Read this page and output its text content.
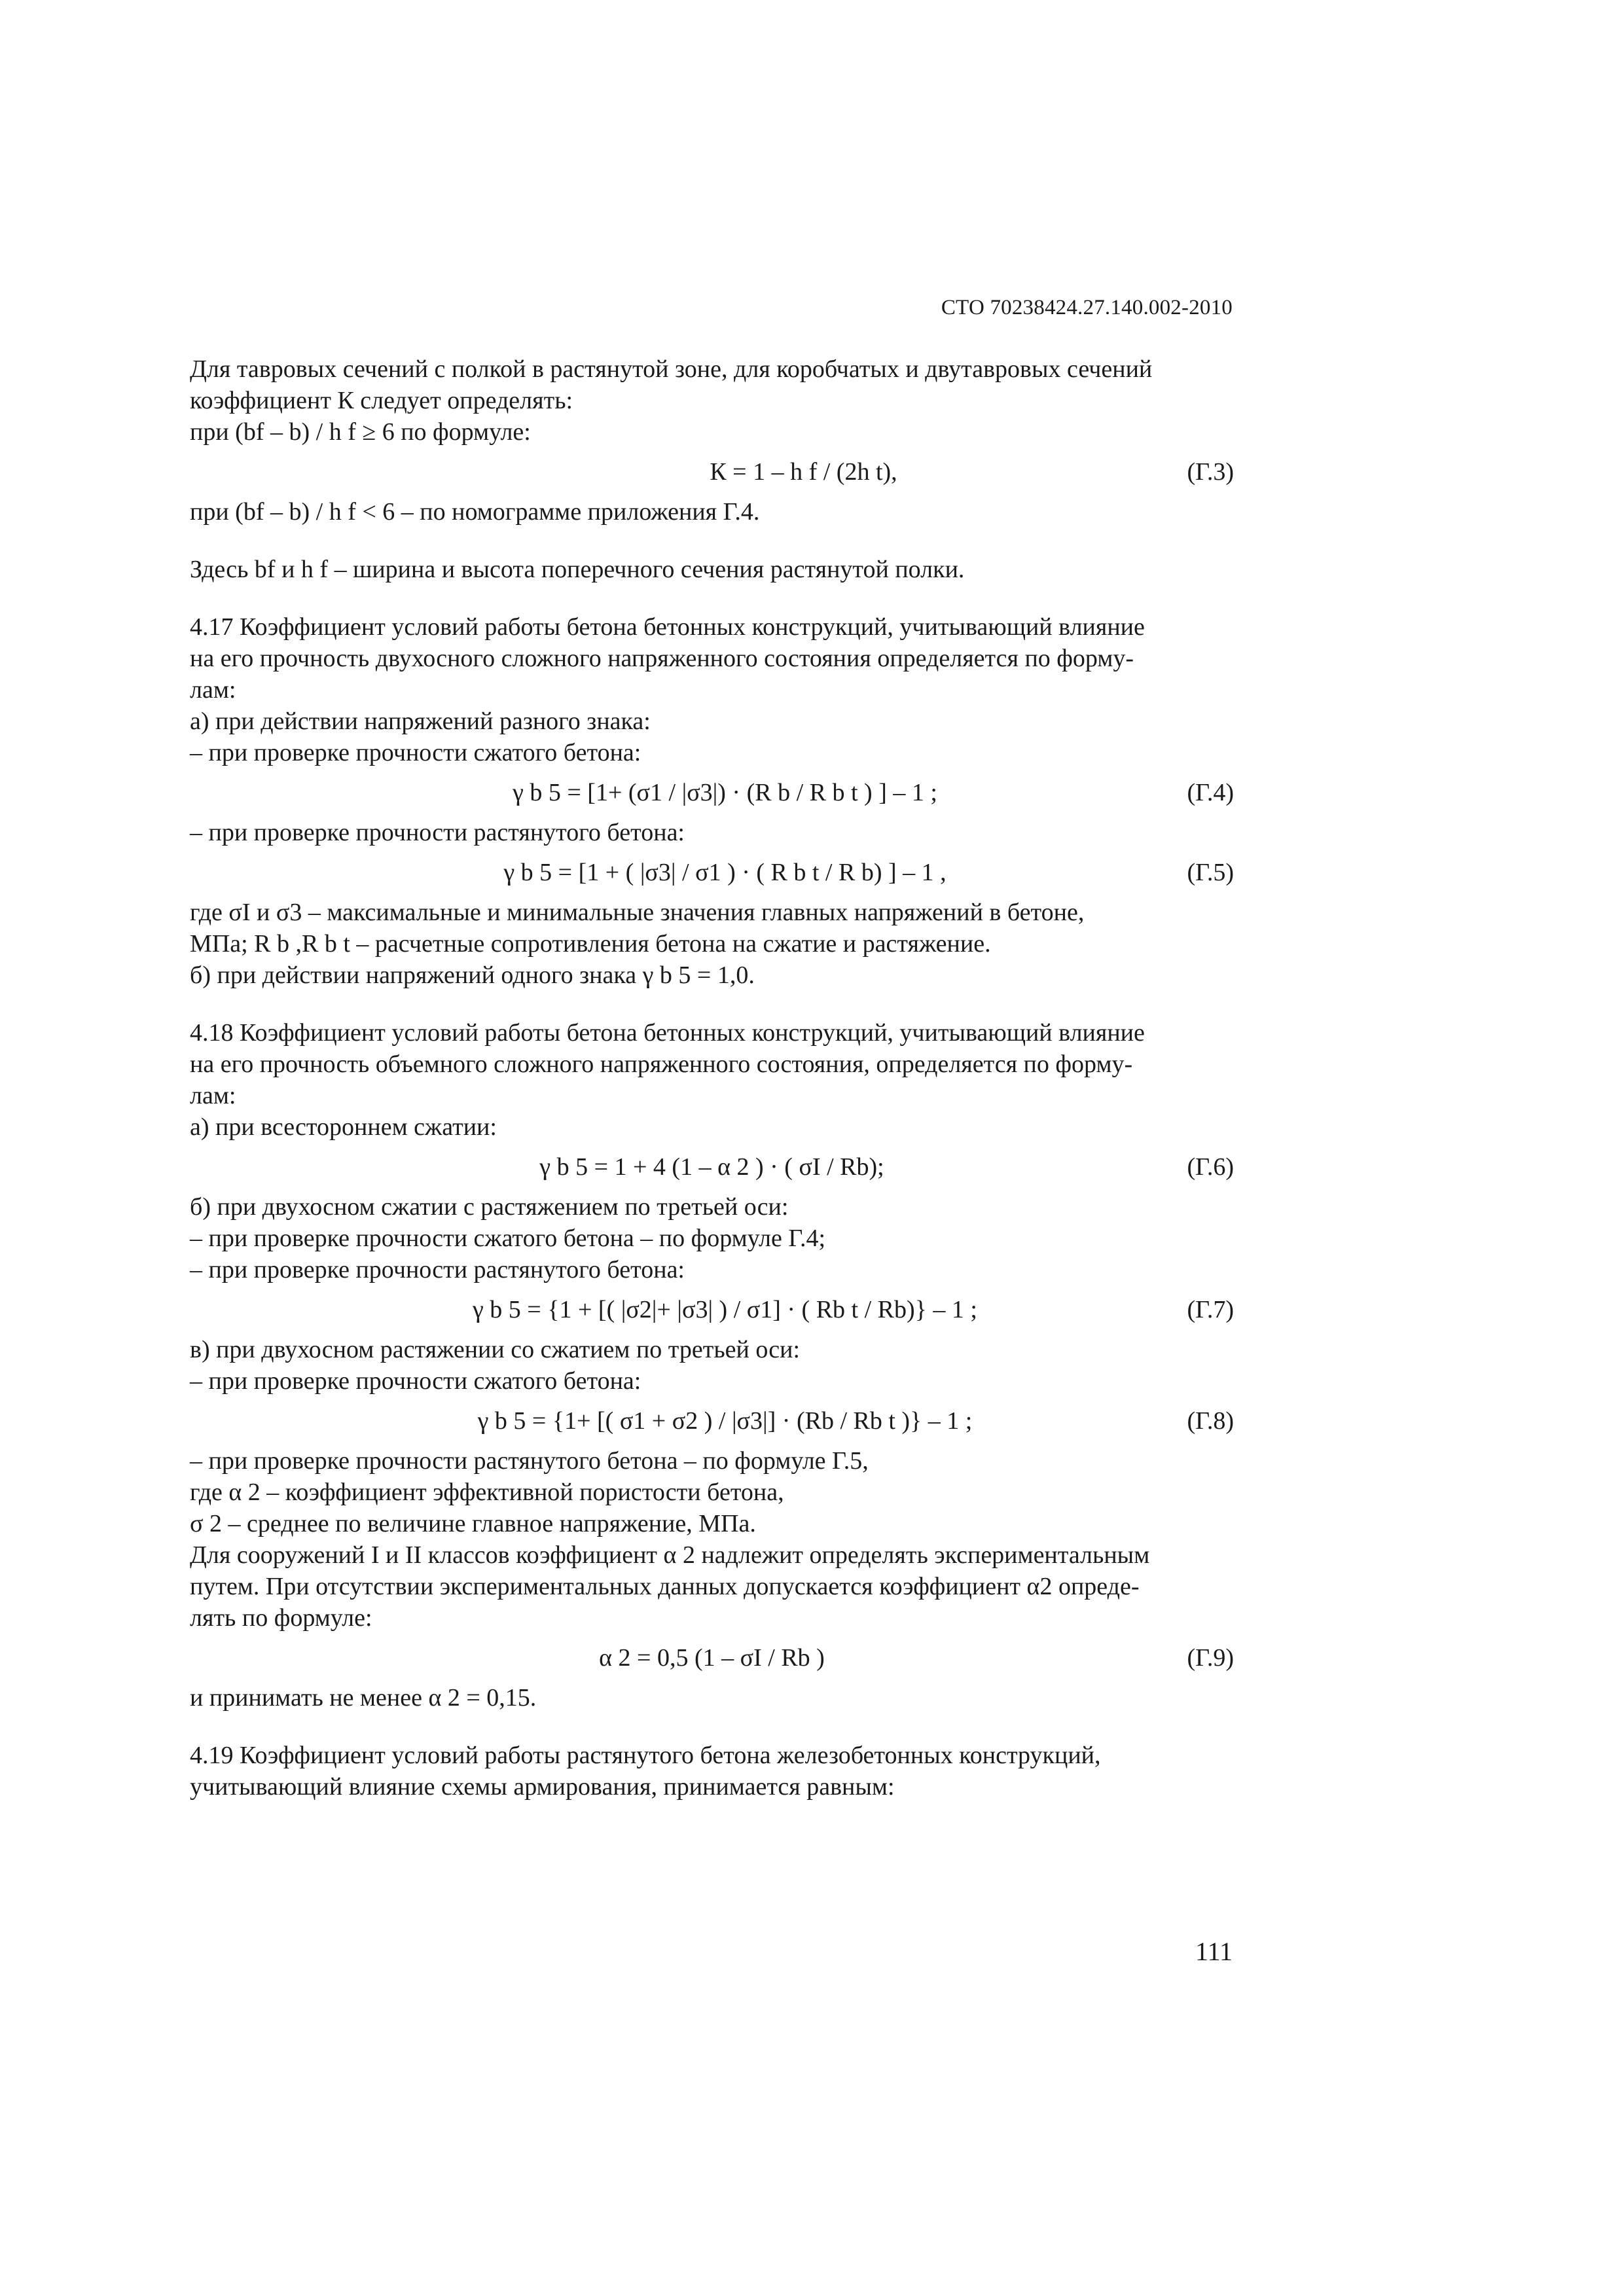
СТО 70238424.27.140.002-2010
Для тавровых сечений с полкой в растянутой зоне, для коробчатых и двутавровых сечений
коэффициент К следует определять:
при (bf – b) / h f ≥ 6 по формуле:
К = 1 – h f / (2h t),	(Г.3)
при (bf – b) / h f < 6 – по номограмме приложения Г.4.
Здесь bf и h f – ширина и высота поперечного сечения растянутой полки.
4.17 Коэффициент условий работы бетона бетонных конструкций, учитывающий влияние
на его прочность двухосного сложного напряженного состояния определяется по форму-
лам:
а) при действии напряжений разного знака:
– при проверке прочности сжатого бетона:
γ b 5 = [1+ (σ1 / |σ3|) · (R b / R b t ) ] – 1 ;	(Г.4)
– при проверке прочности растянутого бетона:
γ b 5 = [1 + ( |σ3| / σ1 ) · ( R b t / R b) ] – 1 ,	(Г.5)
где σI и σ3 – максимальные и минимальные значения главных напряжений в бетоне,
МПа; R b ,R b t – расчетные сопротивления бетона на сжатие и растяжение.
б) при действии напряжений одного знака γ b 5 = 1,0.
4.18 Коэффициент условий работы бетона бетонных конструкций, учитывающий влияние
на его прочность объемного сложного напряженного состояния, определяется по форму-
лам:
а) при всестороннем сжатии:
γ b 5 = 1 + 4 (1 – α 2 ) · ( σI / Rb);	(Г.6)
б) при двухосном сжатии с растяжением по третьей оси:
– при проверке прочности сжатого бетона – по формуле Г.4;
– при проверке прочности растянутого бетона:
γ b 5 = {1 + [( |σ2|+ |σ3| ) / σ1] · ( Rb t / Rb)} – 1 ;	(Г.7)
в) при двухосном растяжении со сжатием по третьей оси:
– при проверке прочности сжатого бетона:
γ b 5 = {1+ [( σ1 + σ2 ) / |σ3|] · (Rb / Rb t )} – 1 ;	(Г.8)
– при проверке прочности растянутого бетона – по формуле Г.5,
где α 2 – коэффициент эффективной пористости бетона,
σ 2 – среднее по величине главное напряжение, МПа.
Для сооружений I и II классов коэффициент α 2 надлежит определять экспериментальным
путем. При отсутствии экспериментальных данных допускается коэффициент α2 опреде-
лять по формуле:
α 2 = 0,5 (1 – σI / Rb )	(Г.9)
и принимать не менее α 2 = 0,15.
4.19 Коэффициент условий работы растянутого бетона железобетонных конструкций,
учитывающий влияние схемы армирования, принимается равным:
111
